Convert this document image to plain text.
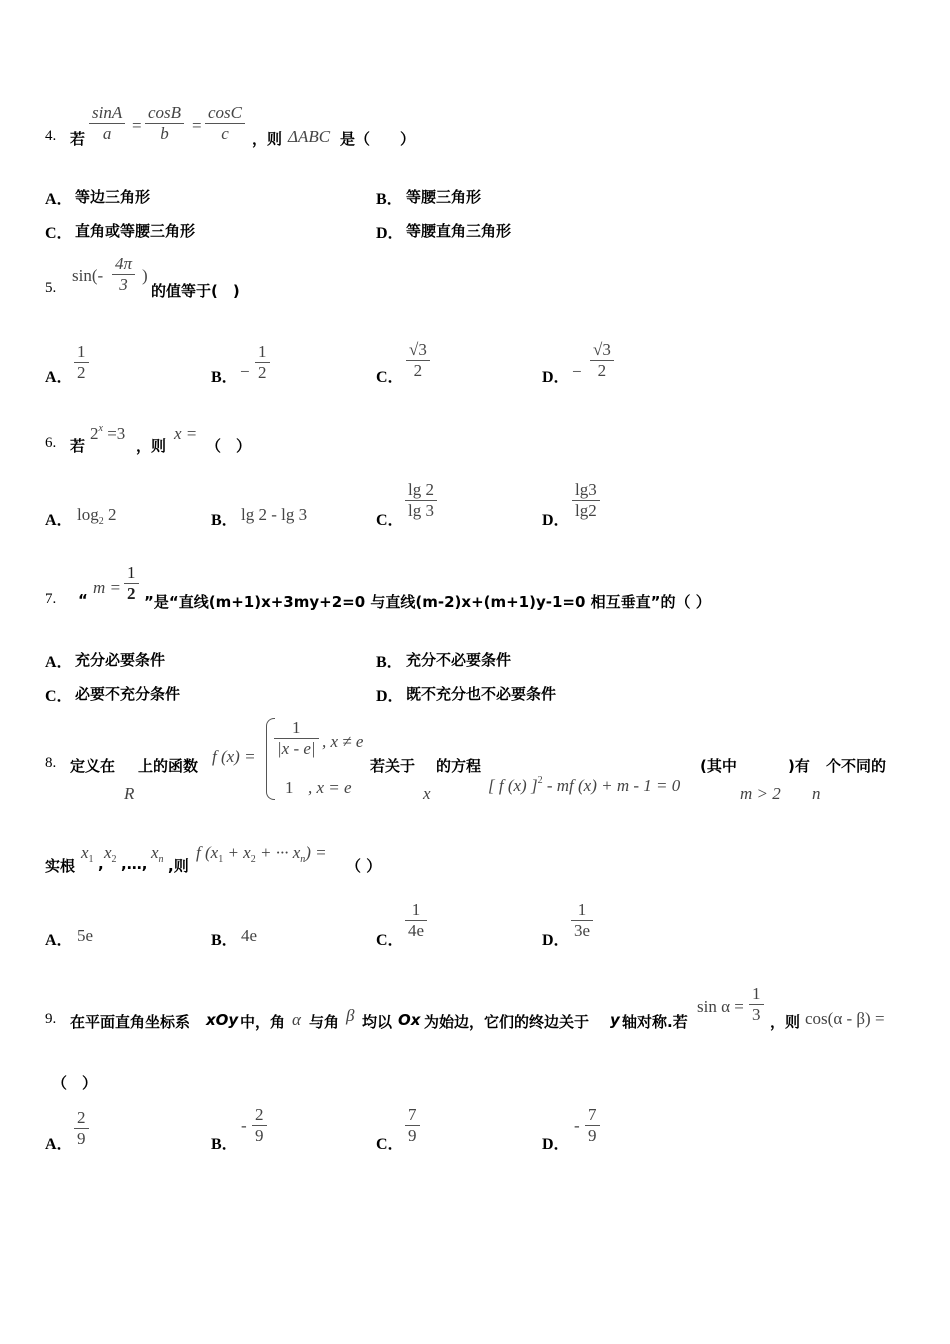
4. 若
sinA
a	=
cosB
b	=
cosC
c	，则 ΔABC 是（　　）
A． 等边三角形	B． 等腰三角形
C． 直角或等腰三角形	D． 等腰直角三角形
5.
sin(-
4π
3 )
的值等于(　)
A．
1
2	B． −
1
2	C．
√3
2	D． −
√3
2
6. 若
$2^x =3$
，则
x =
（　）
A． $\log_2 2$	B． lg 2 - lg 3	C．
lg 2
lg 3
D．
lg3
lg2
7. “
m =
1
2 ”是“直线(m+1)x+3my+2=0 与直线(m-2)x+(m+1)y-1=0 相互垂直”的（ ）
A． 充分必要条件	B． 充分不必要条件
C． 必要不充分条件	D． 既不充分也不必要条件
8. 定义在
R
上的函数 f (x) =
1
|x - e| , x ≠ e
1 , x = e
若关于
x
的方程
[ f (x) ]$^2$ - mf (x) + m - 1 = 0
(其中
m > 2
)有
n
个不同的
实根
$x_1$ ,
$x_2$ ,…,
$x_n$ ,则
f ($x_1 + x_2$ + ··· $x_n$) =
（ ）
A． 5e	B． 4e	C．
1
4e
D．
1
3e
9. 在平面直角坐标系 xOy 中，角 α 与角 β 均以 Ox 为始边，它们的终边关于 y 轴对称.若
sin α =
1
3 ，则 cos(α - β) =
（　）
A．
2
9	B．
-
2
9	C．
7
9	D．
-
7
9
